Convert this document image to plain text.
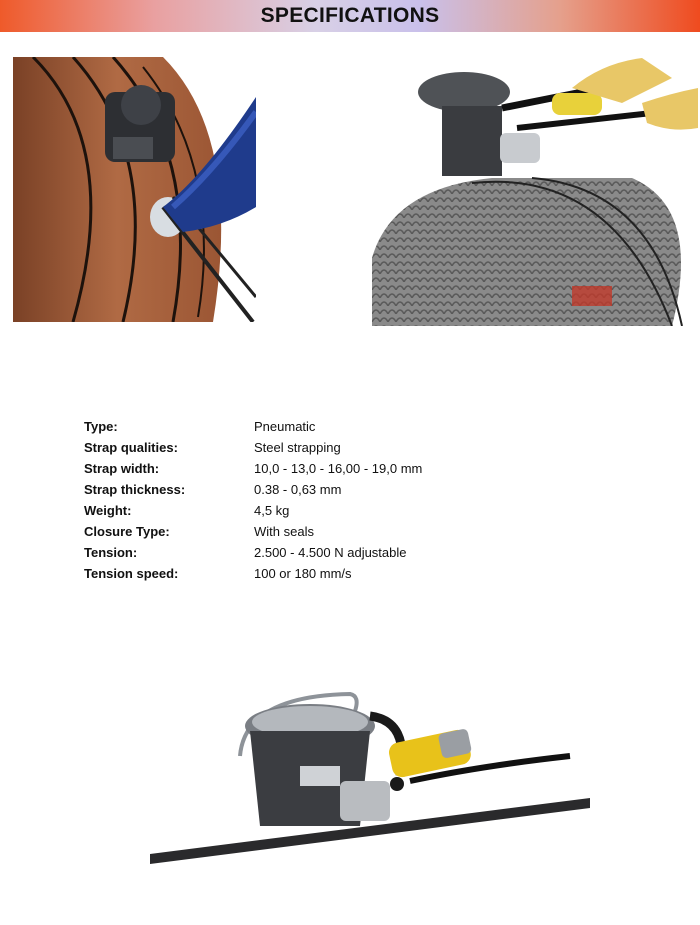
SPECIFICATIONS
Type:	Pneumatic
Strap qualities:	Steel strapping
Strap width:	10,0 - 13,0 - 16,00 - 19,0 mm
Strap thickness:	0.38 - 0,63 mm
Weight:	4,5 kg
Closure Type:	With seals
Tension:	2.500 - 4.500 N adjustable
Tension speed:	100 or 180 mm/s
